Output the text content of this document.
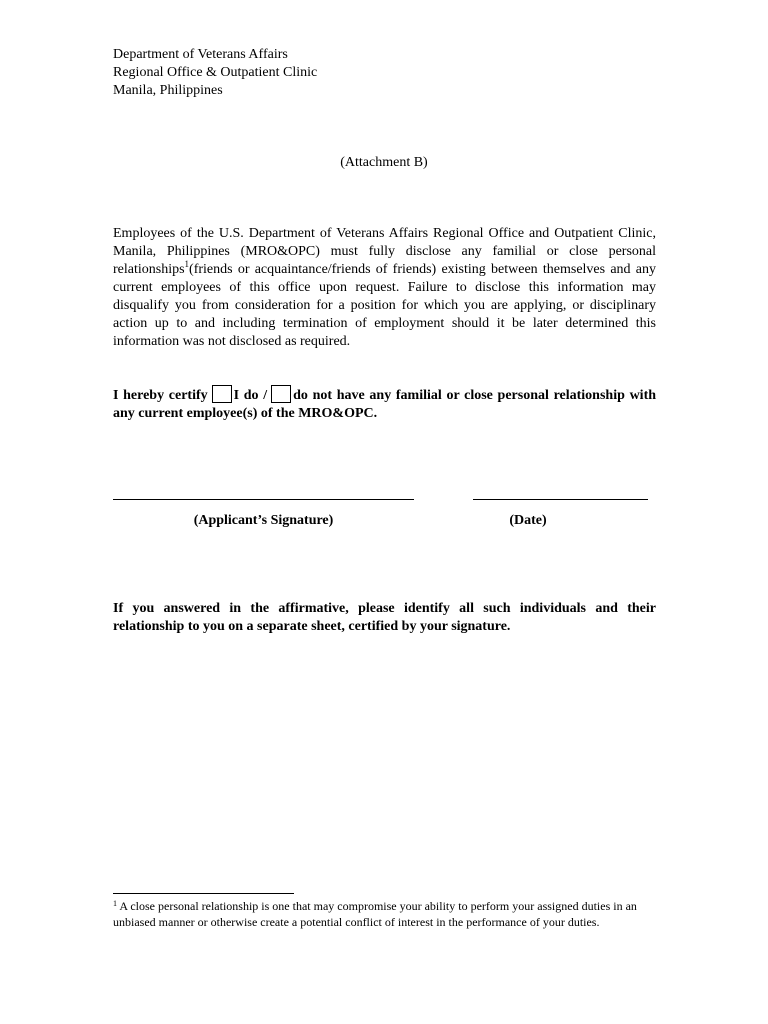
Department of Veterans Affairs
Regional Office & Outpatient Clinic
Manila, Philippines
(Attachment B)
Employees of the U.S. Department of Veterans Affairs Regional Office and Outpatient Clinic, Manila, Philippines (MRO&OPC) must fully disclose any familial or close personal relationships$^1$(friends or acquaintance/friends of friends) existing between themselves and any current employees of this office upon request. Failure to disclose this information may disqualify you from consideration for a position for which you are applying, or disciplinary action up to and including termination of employment should it be later determined this information was not disclosed as required.
I hereby certify I do / do not have any familial or close personal relationship with any current employee(s) of the MRO&OPC.
(Applicant’s Signature)	(Date)
If you answered in the affirmative, please identify all such individuals and their relationship to you on a separate sheet, certified by your signature.
$^1$ A close personal relationship is one that may compromise your ability to perform your assigned duties in an unbiased manner or otherwise create a potential conflict of interest in the performance of your duties.
